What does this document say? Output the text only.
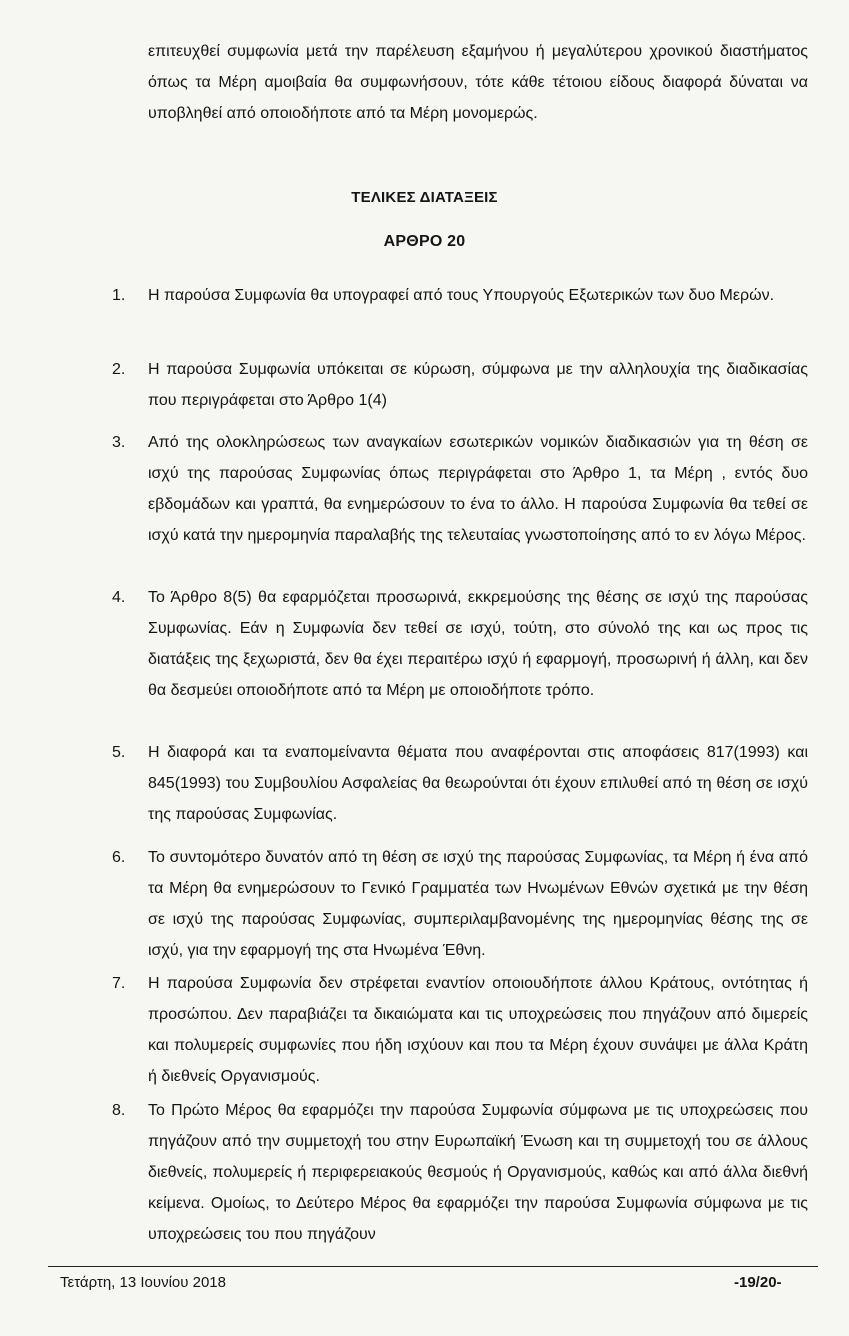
επιτευχθεί συμφωνία μετά την παρέλευση εξαμήνου ή μεγαλύτερου χρονικού διαστήματος όπως τα Μέρη αμοιβαία θα συμφωνήσουν, τότε κάθε τέτοιου είδους διαφορά δύναται να υποβληθεί από οποιοδήποτε από τα Μέρη μονομερώς.
ΤΕΛΙΚΕΣ ΔΙΑΤΑΞΕΙΣ
ΑΡΘΡΟ 20
1.	Η παρούσα Συμφωνία θα υπογραφεί από τους Υπουργούς Εξωτερικών των δυο Μερών.
2.	Η παρούσα Συμφωνία υπόκειται σε κύρωση, σύμφωνα με την αλληλουχία της διαδικασίας που περιγράφεται στο Άρθρο 1(4)
3.	Από της ολοκληρώσεως των αναγκαίων εσωτερικών νομικών διαδικασιών για τη θέση σε ισχύ της παρούσας Συμφωνίας όπως περιγράφεται στο Άρθρο 1, τα Μέρη , εντός δυο εβδομάδων και γραπτά, θα ενημερώσουν το ένα το άλλο. Η παρούσα Συμφωνία θα τεθεί σε ισχύ κατά την ημερομηνία παραλαβής της τελευταίας γνωστοποίησης από το εν λόγω Μέρος.
4.	Το Άρθρο 8(5) θα εφαρμόζεται προσωρινά, εκκρεμούσης της θέσης σε ισχύ της παρούσας Συμφωνίας. Εάν η Συμφωνία δεν τεθεί σε ισχύ, τούτη, στο σύνολό της και ως προς τις διατάξεις της ξεχωριστά, δεν θα έχει περαιτέρω ισχύ ή εφαρμογή, προσωρινή ή άλλη, και δεν θα δεσμεύει οποιοδήποτε από τα Μέρη με οποιοδήποτε τρόπο.
5.	Η διαφορά και τα εναπομείναντα θέματα που αναφέρονται στις αποφάσεις 817(1993) και 845(1993) του Συμβουλίου Ασφαλείας θα θεωρούνται ότι έχουν επιλυθεί από τη θέση σε ισχύ της παρούσας Συμφωνίας.
6.	Το συντομότερο δυνατόν από τη θέση σε ισχύ της παρούσας Συμφωνίας, τα Μέρη ή ένα από τα Μέρη θα ενημερώσουν το Γενικό Γραμματέα των Ηνωμένων Εθνών σχετικά με την θέση σε ισχύ της παρούσας Συμφωνίας, συμπεριλαμβανομένης της ημερομηνίας θέσης της σε ισχύ, για την εφαρμογή της στα Ηνωμένα Έθνη.
7.	Η παρούσα Συμφωνία δεν στρέφεται εναντίον οποιουδήποτε άλλου Κράτους, οντότητας ή προσώπου. Δεν παραβιάζει τα δικαιώματα και τις υποχρεώσεις που πηγάζουν από διμερείς και πολυμερείς συμφωνίες που ήδη ισχύουν και που τα Μέρη έχουν συνάψει με άλλα Κράτη ή διεθνείς Οργανισμούς.
8.	Το Πρώτο Μέρος θα εφαρμόζει την παρούσα Συμφωνία σύμφωνα με τις υποχρεώσεις που πηγάζουν από την συμμετοχή του στην Ευρωπαϊκή Ένωση και τη συμμετοχή του σε άλλους διεθνείς, πολυμερείς ή περιφερειακούς θεσμούς ή Οργανισμούς, καθώς και από άλλα διεθνή κείμενα. Ομοίως, το Δεύτερο Μέρος θα εφαρμόζει την παρούσα Συμφωνία σύμφωνα με τις υποχρεώσεις του που πηγάζουν
Τετάρτη, 13 Ιουνίου 2018	-19/20-
